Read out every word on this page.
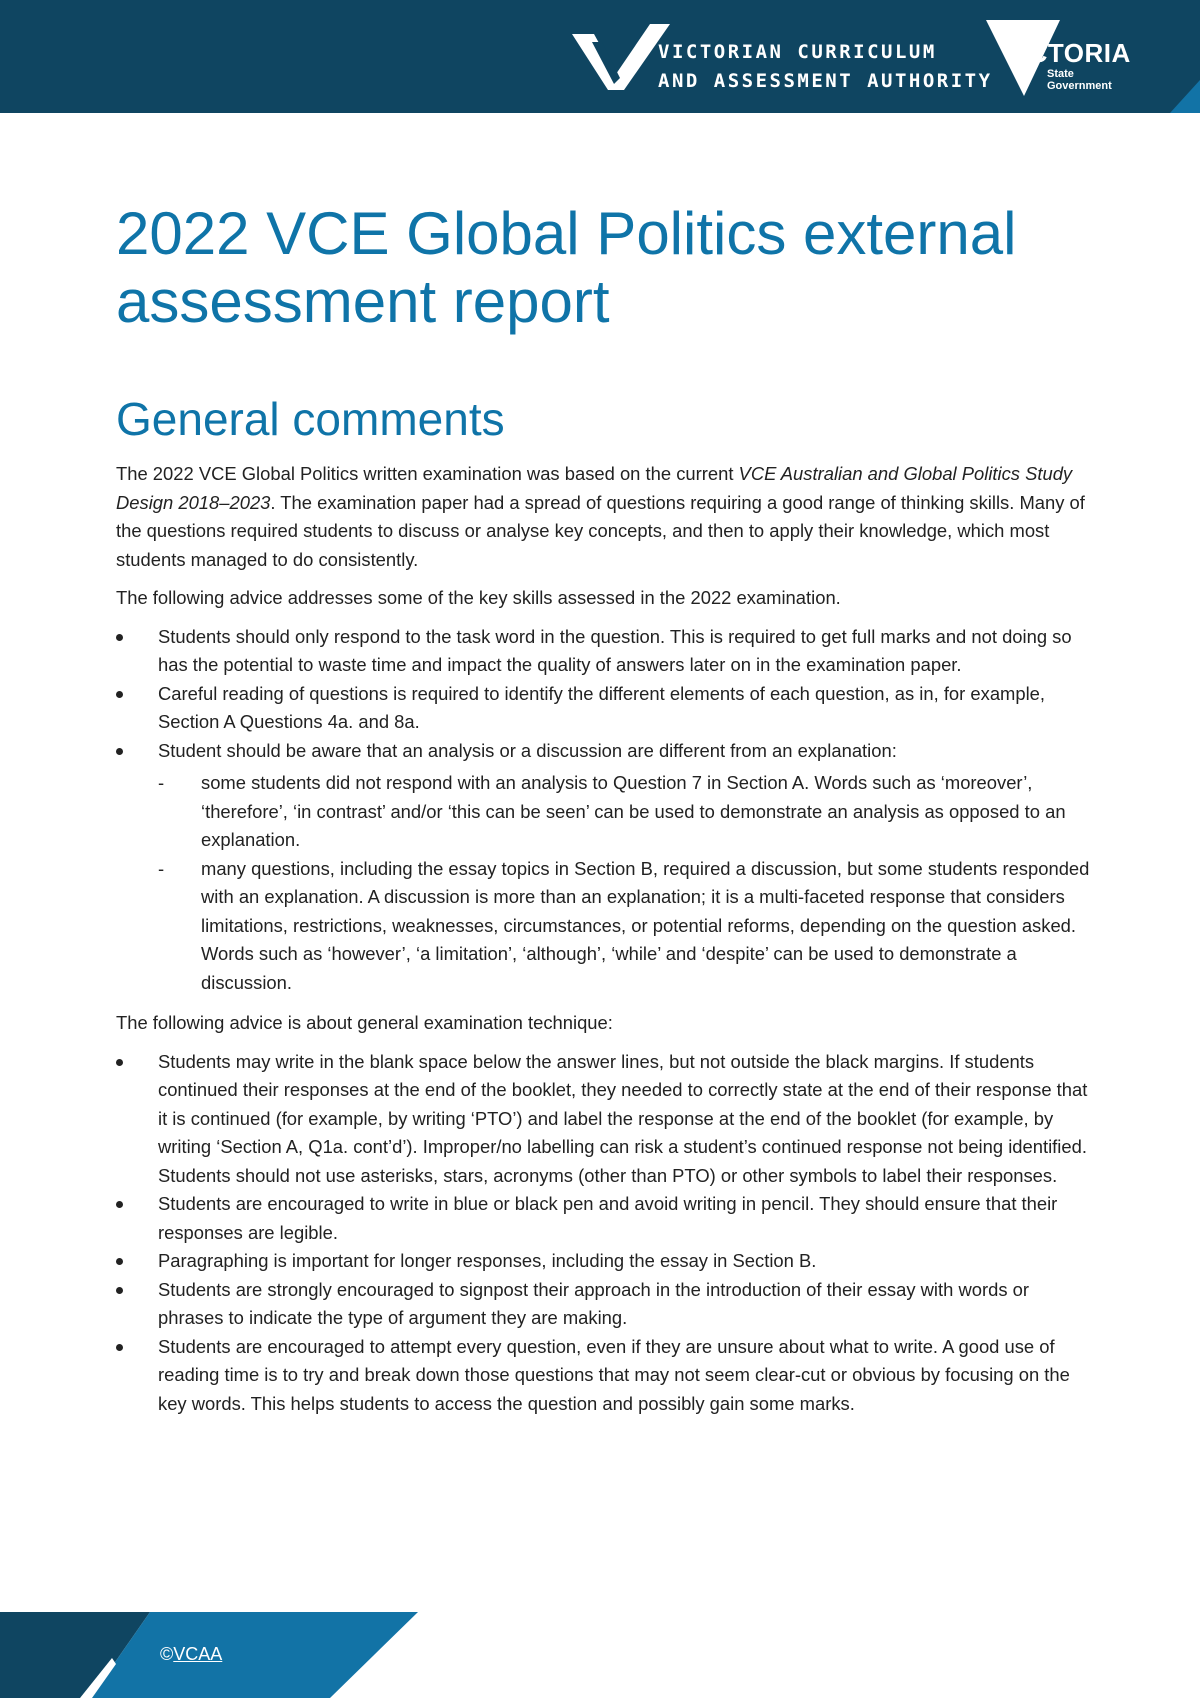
VICTORIAN CURRICULUM
AND ASSESSMENT AUTHORITY
VICTORIA
State
Government
2022 VCE Global Politics external
assessment report
General comments

The 2022 VCE Global Politics written examination was based on the current VCE Australian and Global Politics Study Design 2018–2023. The examination paper had a spread of questions requiring a good range of thinking skills. Many of the questions required students to discuss or analyse key concepts, and then to apply their knowledge, which most students managed to do consistently.

The following advice addresses some of the key skills assessed in the 2022 examination.

Students should only respond to the task word in the question. This is required to get full marks and not doing so has the potential to waste time and impact the quality of answers later on in the examination paper.
Careful reading of questions is required to identify the different elements of each question, as in, for example, Section A Questions 4a. and 8a.
Student should be aware that an analysis or a discussion are different from an explanation:
- some students did not respond with an analysis to Question 7 in Section A. Words such as ‘moreover’, ‘therefore’, ‘in contrast’ and/or ‘this can be seen’ can be used to demonstrate an analysis as opposed to an explanation.
- many questions, including the essay topics in Section B, required a discussion, but some students responded with an explanation. A discussion is more than an explanation; it is a multi-faceted response that considers limitations, restrictions, weaknesses, circumstances, or potential reforms, depending on the question asked. Words such as ‘however’, ‘a limitation’, ‘although’, ‘while’ and ‘despite’ can be used to demonstrate a discussion.

The following advice is about general examination technique:

Students may write in the blank space below the answer lines, but not outside the black margins. If students continued their responses at the end of the booklet, they needed to correctly state at the end of their response that it is continued (for example, by writing ‘PTO’) and label the response at the end of the booklet (for example, by writing ‘Section A, Q1a. cont’d’). Improper/no labelling can risk a student’s continued response not being identified. Students should not use asterisks, stars, acronyms (other than PTO) or other symbols to label their responses.
Students are encouraged to write in blue or black pen and avoid writing in pencil. They should ensure that their responses are legible.
Paragraphing is important for longer responses, including the essay in Section B.
Students are strongly encouraged to signpost their approach in the introduction of their essay with words or phrases to indicate the type of argument they are making.
Students are encouraged to attempt every question, even if they are unsure about what to write. A good use of reading time is to try and break down those questions that may not seem clear-cut or obvious by focusing on the key words. This helps students to access the question and possibly gain some marks.
©VCAA
